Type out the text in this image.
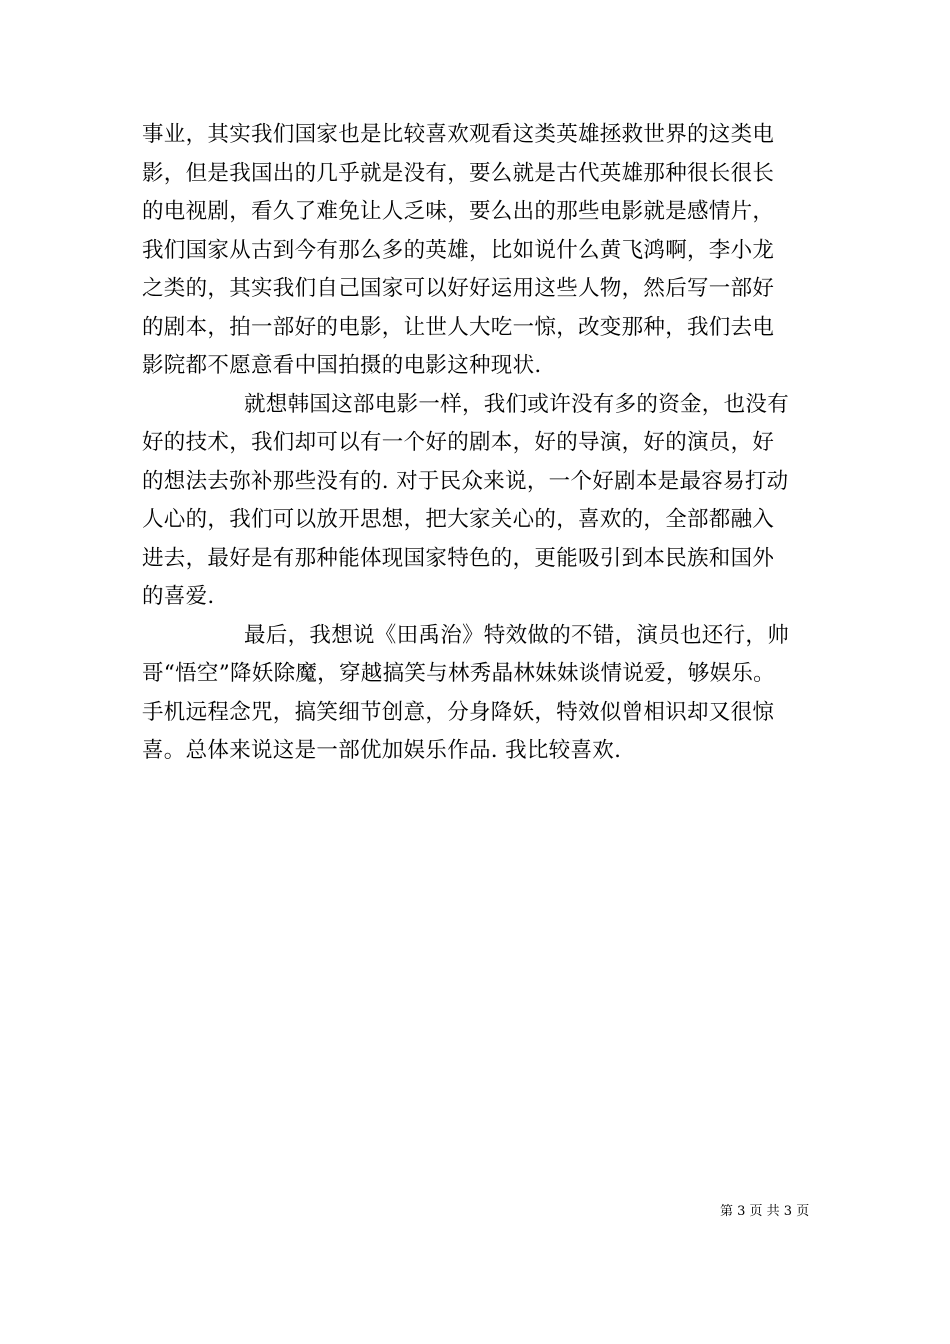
事业，其实我们国家也是比较喜欢观看这类英雄拯救世界的这类电
影，但是我国出的几乎就是没有，要么就是古代英雄那种很长很长
的电视剧，看久了难免让人乏味，要么出的那些电影就是感情片，
我们国家从古到今有那么多的英雄，比如说什么黄飞鸿啊，李小龙
之类的，其实我们自己国家可以好好运用这些人物，然后写一部好
的剧本，拍一部好的电影，让世人大吃一惊，改变那种，我们去电
影院都不愿意看中国拍摄的电影这种现状.
就想韩国这部电影一样，我们或许没有多的资金，也没有
好的技术，我们却可以有一个好的剧本，好的导演，好的演员，好
的想法去弥补那些没有的. 对于民众来说，一个好剧本是最容易打动
人心的，我们可以放开思想，把大家关心的，喜欢的，全部都融入
进去，最好是有那种能体现国家特色的，更能吸引到本民族和国外
的喜爱.
最后，我想说《田禹治》特效做的不错，演员也还行，帅
哥“悟空”降妖除魔，穿越搞笑与林秀晶林妹妹谈情说爱，够娱乐。
手机远程念咒，搞笑细节创意，分身降妖，特效似曾相识却又很惊
喜。总体来说这是一部优加娱乐作品. 我比较喜欢.
第 3 页 共 3 页
